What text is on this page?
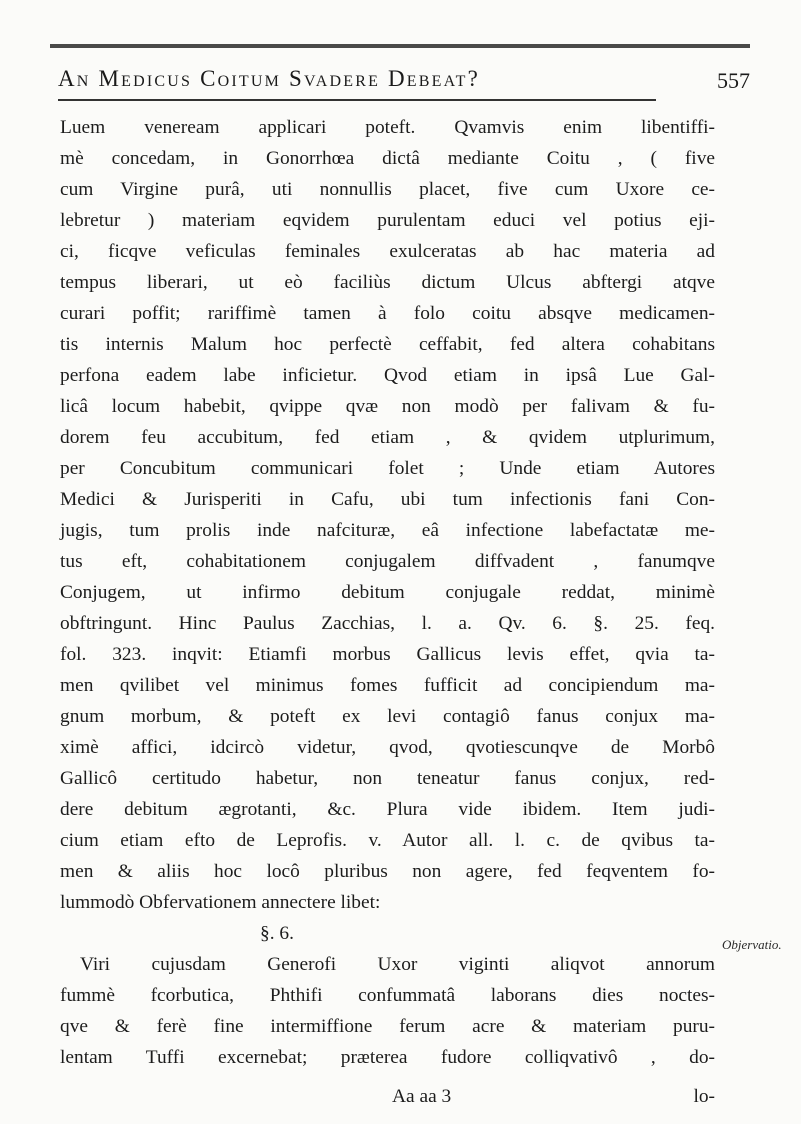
An Medicus Coitum Svadere Debeat?	557
Luem veneream applicari poteft. Qvamvis enim libentiffi-
mè concedam, in Gonorrhœa dictâ mediante Coitu , ( five
cum Virgine purâ, uti nonnullis placet, five cum Uxore ce-
lebretur ) materiam eqvidem purulentam educi vel potius eji-
ci, ficqve veficulas feminales exulceratas ab hac materia ad
tempus liberari, ut eò faciliùs dictum Ulcus abftergi atqve
curari poffit; rariffimè tamen à folo coitu absqve medicamen-
tis internis Malum hoc perfectè ceffabit, fed altera cohabitans
perfona eadem labe inficietur. Qvod etiam in ipsâ Lue Gal-
licâ locum habebit, qvippe qvæ non modò per falivam & fu-
dorem feu accubitum, fed etiam , & qvidem utplurimum,
per Concubitum communicari folet ; Unde etiam Autores
Medici & Jurisperiti in Cafu, ubi tum infectionis fani Con-
jugis, tum prolis inde nafcituræ, eâ infectione labefactatæ me-
tus eft, cohabitationem conjugalem diffvadent , fanumqve
Conjugem, ut infirmo debitum conjugale reddat, minimè
obftringunt. Hinc Paulus Zacchias, l. a. Qv. 6. §. 25. feq.
fol. 323. inqvit: Etiamfi morbus Gallicus levis effet, qvia ta-
men qvilibet vel minimus fomes fufficit ad concipiendum ma-
gnum morbum, & poteft ex levi contagiô fanus conjux ma-
ximè affici, idcircò videtur, qvod, qvotiescunqve de Morbô
Gallicô certitudo habetur, non teneatur fanus conjux, red-
dere debitum ægrotanti, &c. Plura vide ibidem. Item judi-
cium etiam efto de Leprofis. v. Autor all. l. c. de qvibus ta-
men & aliis hoc locô pluribus non agere, fed feqventem fo-
lummodò Obfervationem annectere libet:
§. 6.
Viri cujusdam Generofi Uxor viginti aliqvot annorum
fummè fcorbutica, Phthifi confummatâ laborans dies noctes-
qve & ferè fine intermiffione ferum acre & materiam puru-
lentam Tuffi excernebat; præterea fudore colliqvativô , do-
Objervatio.
Aa aa 3	lo-
